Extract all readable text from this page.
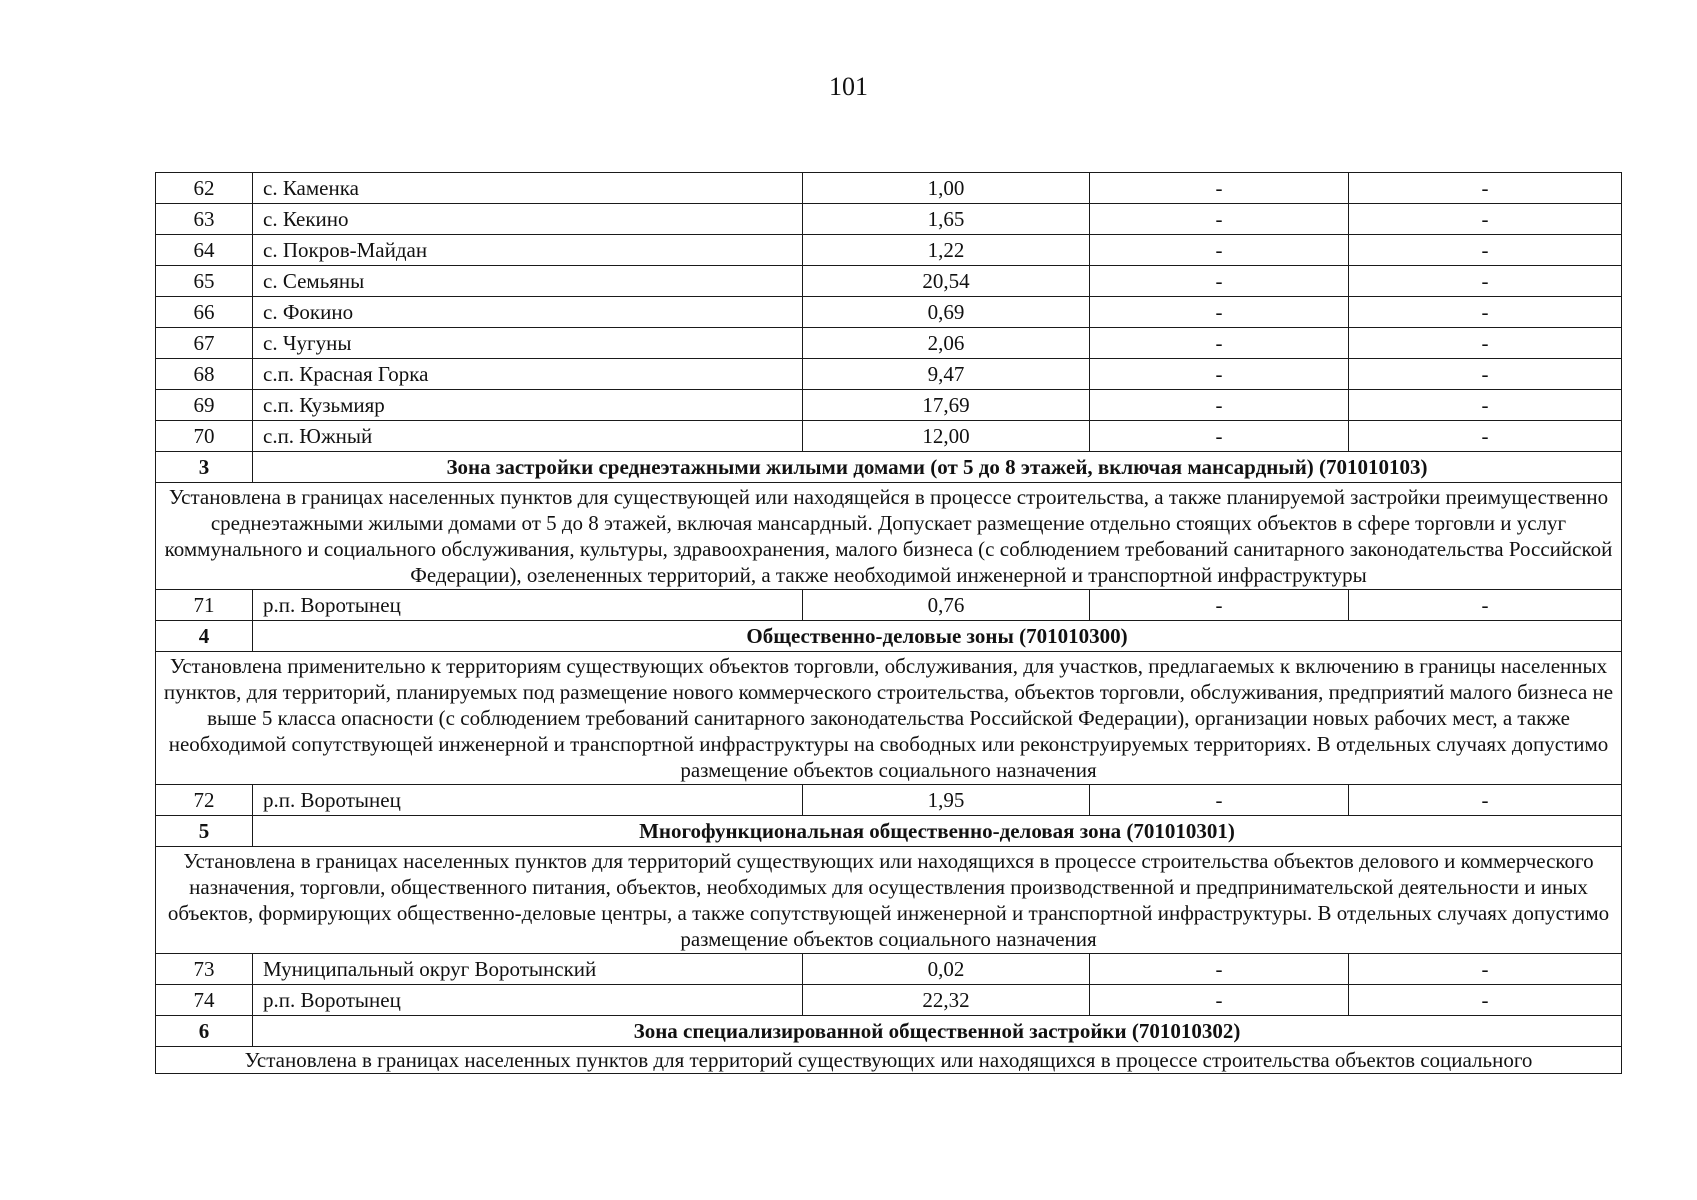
101
62	с. Каменка	1,00	-	-
63	с. Кекино	1,65	-	-
64	с. Покров-Майдан	1,22	-	-
65	с. Семьяны	20,54	-	-
66	с. Фокино	0,69	-	-
67	с. Чугуны	2,06	-	-
68	с.п. Красная Горка	9,47	-	-
69	с.п. Кузьмияр	17,69	-	-
70	с.п. Южный	12,00	-	-
3	Зона застройки среднеэтажными жилыми домами (от 5 до 8 этажей, включая мансардный) (701010103)			
Установлена в границах населенных пунктов для существующей или находящейся в процессе строительства, а также планируемой застройки преимущественно среднеэтажными жилыми домами от 5 до 8 этажей, включая мансардный. Допускает размещение отдельно стоящих объектов в сфере торговли и услуг коммунального и социального обслуживания, культуры, здравоохранения, малого бизнеса (с соблюдением требований санитарного законодательства Российской Федерации), озелененных территорий, а также необходимой инженерной и транспортной инфраструктуры				
71	р.п. Воротынец	0,76	-	-
4	Общественно-деловые зоны (701010300)			
Установлена применительно к территориям существующих объектов торговли, обслуживания, для участков, предлагаемых к включению в границы населенных пунктов, для территорий, планируемых под размещение нового коммерческого строительства, объектов торговли, обслуживания, предприятий малого бизнеса не выше 5 класса опасности (с соблюдением требований санитарного законодательства Российской Федерации), организации новых рабочих мест, а также необходимой сопутствующей инженерной и транспортной инфраструктуры на свободных или реконструируемых территориях. В отдельных случаях допустимо размещение объектов социального назначения				
72	р.п. Воротынец	1,95	-	-
5	Многофункциональная общественно-деловая зона (701010301)			
Установлена в границах населенных пунктов для территорий существующих или находящихся в процессе строительства объектов делового и коммерческого назначения, торговли, общественного питания, объектов, необходимых для осуществления производственной и предпринимательской деятельности и иных объектов, формирующих общественно-деловые центры, а также сопутствующей инженерной и транспортной инфраструктуры. В отдельных случаях допустимо размещение объектов социального назначения				
73	Муниципальный округ Воротынский	0,02	-	-
74	р.п. Воротынец	22,32	-	-
6	Зона специализированной общественной застройки (701010302)			
Установлена в границах населенных пунктов для территорий существующих или находящихся в процессе строительства объектов социального				
